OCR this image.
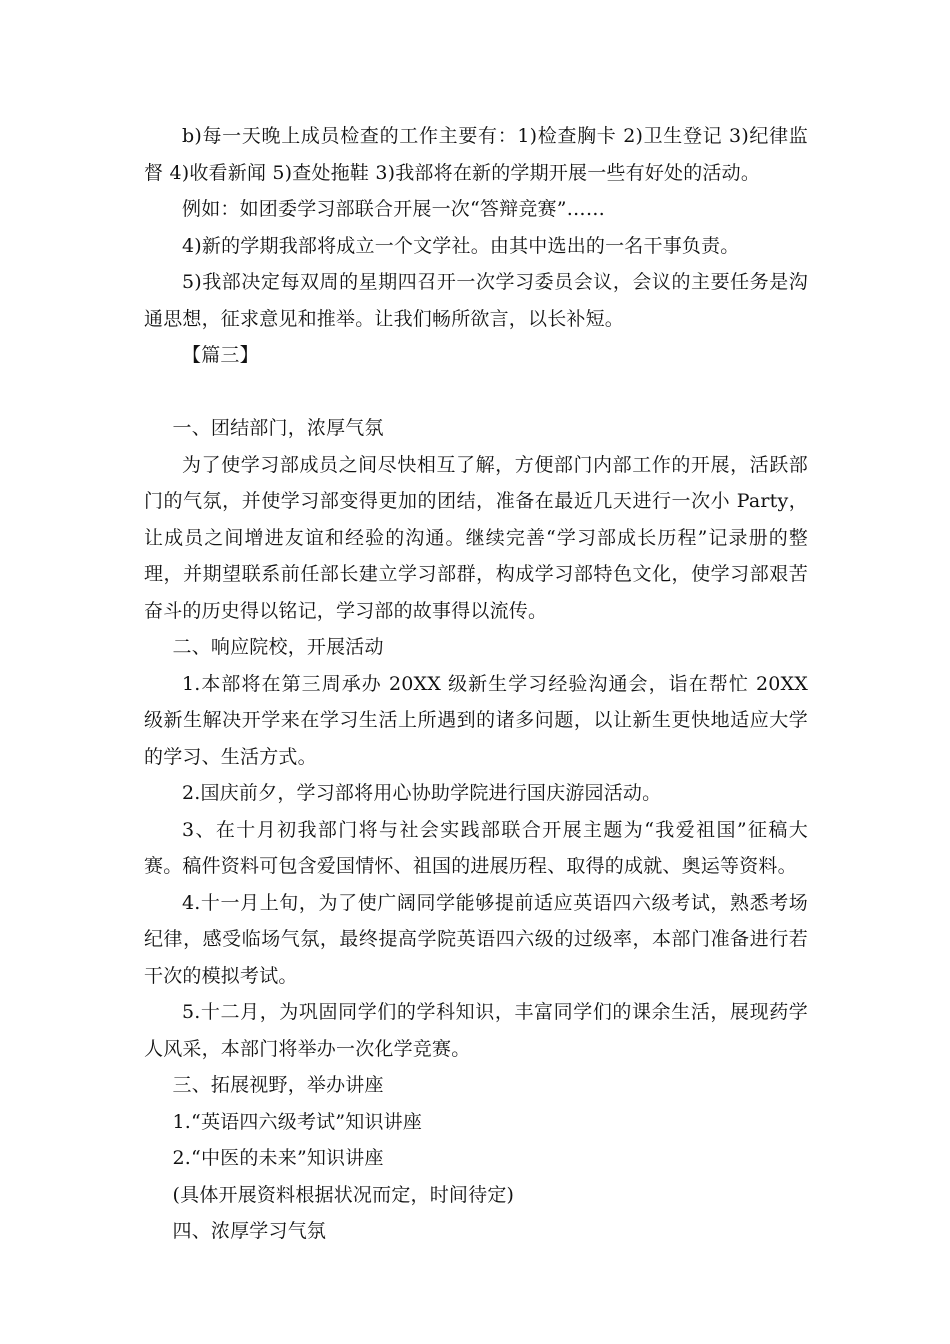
b)每一天晚上成员检查的工作主要有：1)检查胸卡 2)卫生登记 3)纪律监督 4)收看新闻 5)查处拖鞋 3)我部将在新的学期开展一些有好处的活动。

例如：如团委学习部联合开展一次“答辩竞赛”……

4)新的学期我部将成立一个文学社。由其中选出的一名干事负责。

5)我部决定每双周的星期四召开一次学习委员会议，会议的主要任务是沟通思想，征求意见和推举。让我们畅所欲言，以长补短。

【篇三】

一、团结部门，浓厚气氛

为了使学习部成员之间尽快相互了解，方便部门内部工作的开展，活跃部门的气氛，并使学习部变得更加的团结，准备在最近几天进行一次小 Party，让成员之间增进友谊和经验的沟通。继续完善“学习部成长历程”记录册的整理，并期望联系前任部长建立学习部群，构成学习部特色文化，使学习部艰苦奋斗的历史得以铭记，学习部的故事得以流传。

二、响应院校，开展活动

1.本部将在第三周承办 20XX 级新生学习经验沟通会，诣在帮忙 20XX 级新生解决开学来在学习生活上所遇到的诸多问题，以让新生更快地适应大学的学习、生活方式。

2.国庆前夕，学习部将用心协助学院进行国庆游园活动。

3、在十月初我部门将与社会实践部联合开展主题为“我爱祖国”征稿大赛。稿件资料可包含爱国情怀、祖国的进展历程、取得的成就、奥运等资料。

4.十一月上旬，为了使广阔同学能够提前适应英语四六级考试，熟悉考场纪律，感受临场气氛，最终提高学院英语四六级的过级率，本部门准备进行若干次的模拟考试。

5.十二月，为巩固同学们的学科知识，丰富同学们的课余生活，展现药学人风采，本部门将举办一次化学竞赛。

三、拓展视野，举办讲座

1.“英语四六级考试”知识讲座

2.“中医的未来”知识讲座

(具体开展资料根据状况而定，时间待定)

四、浓厚学习气氛
